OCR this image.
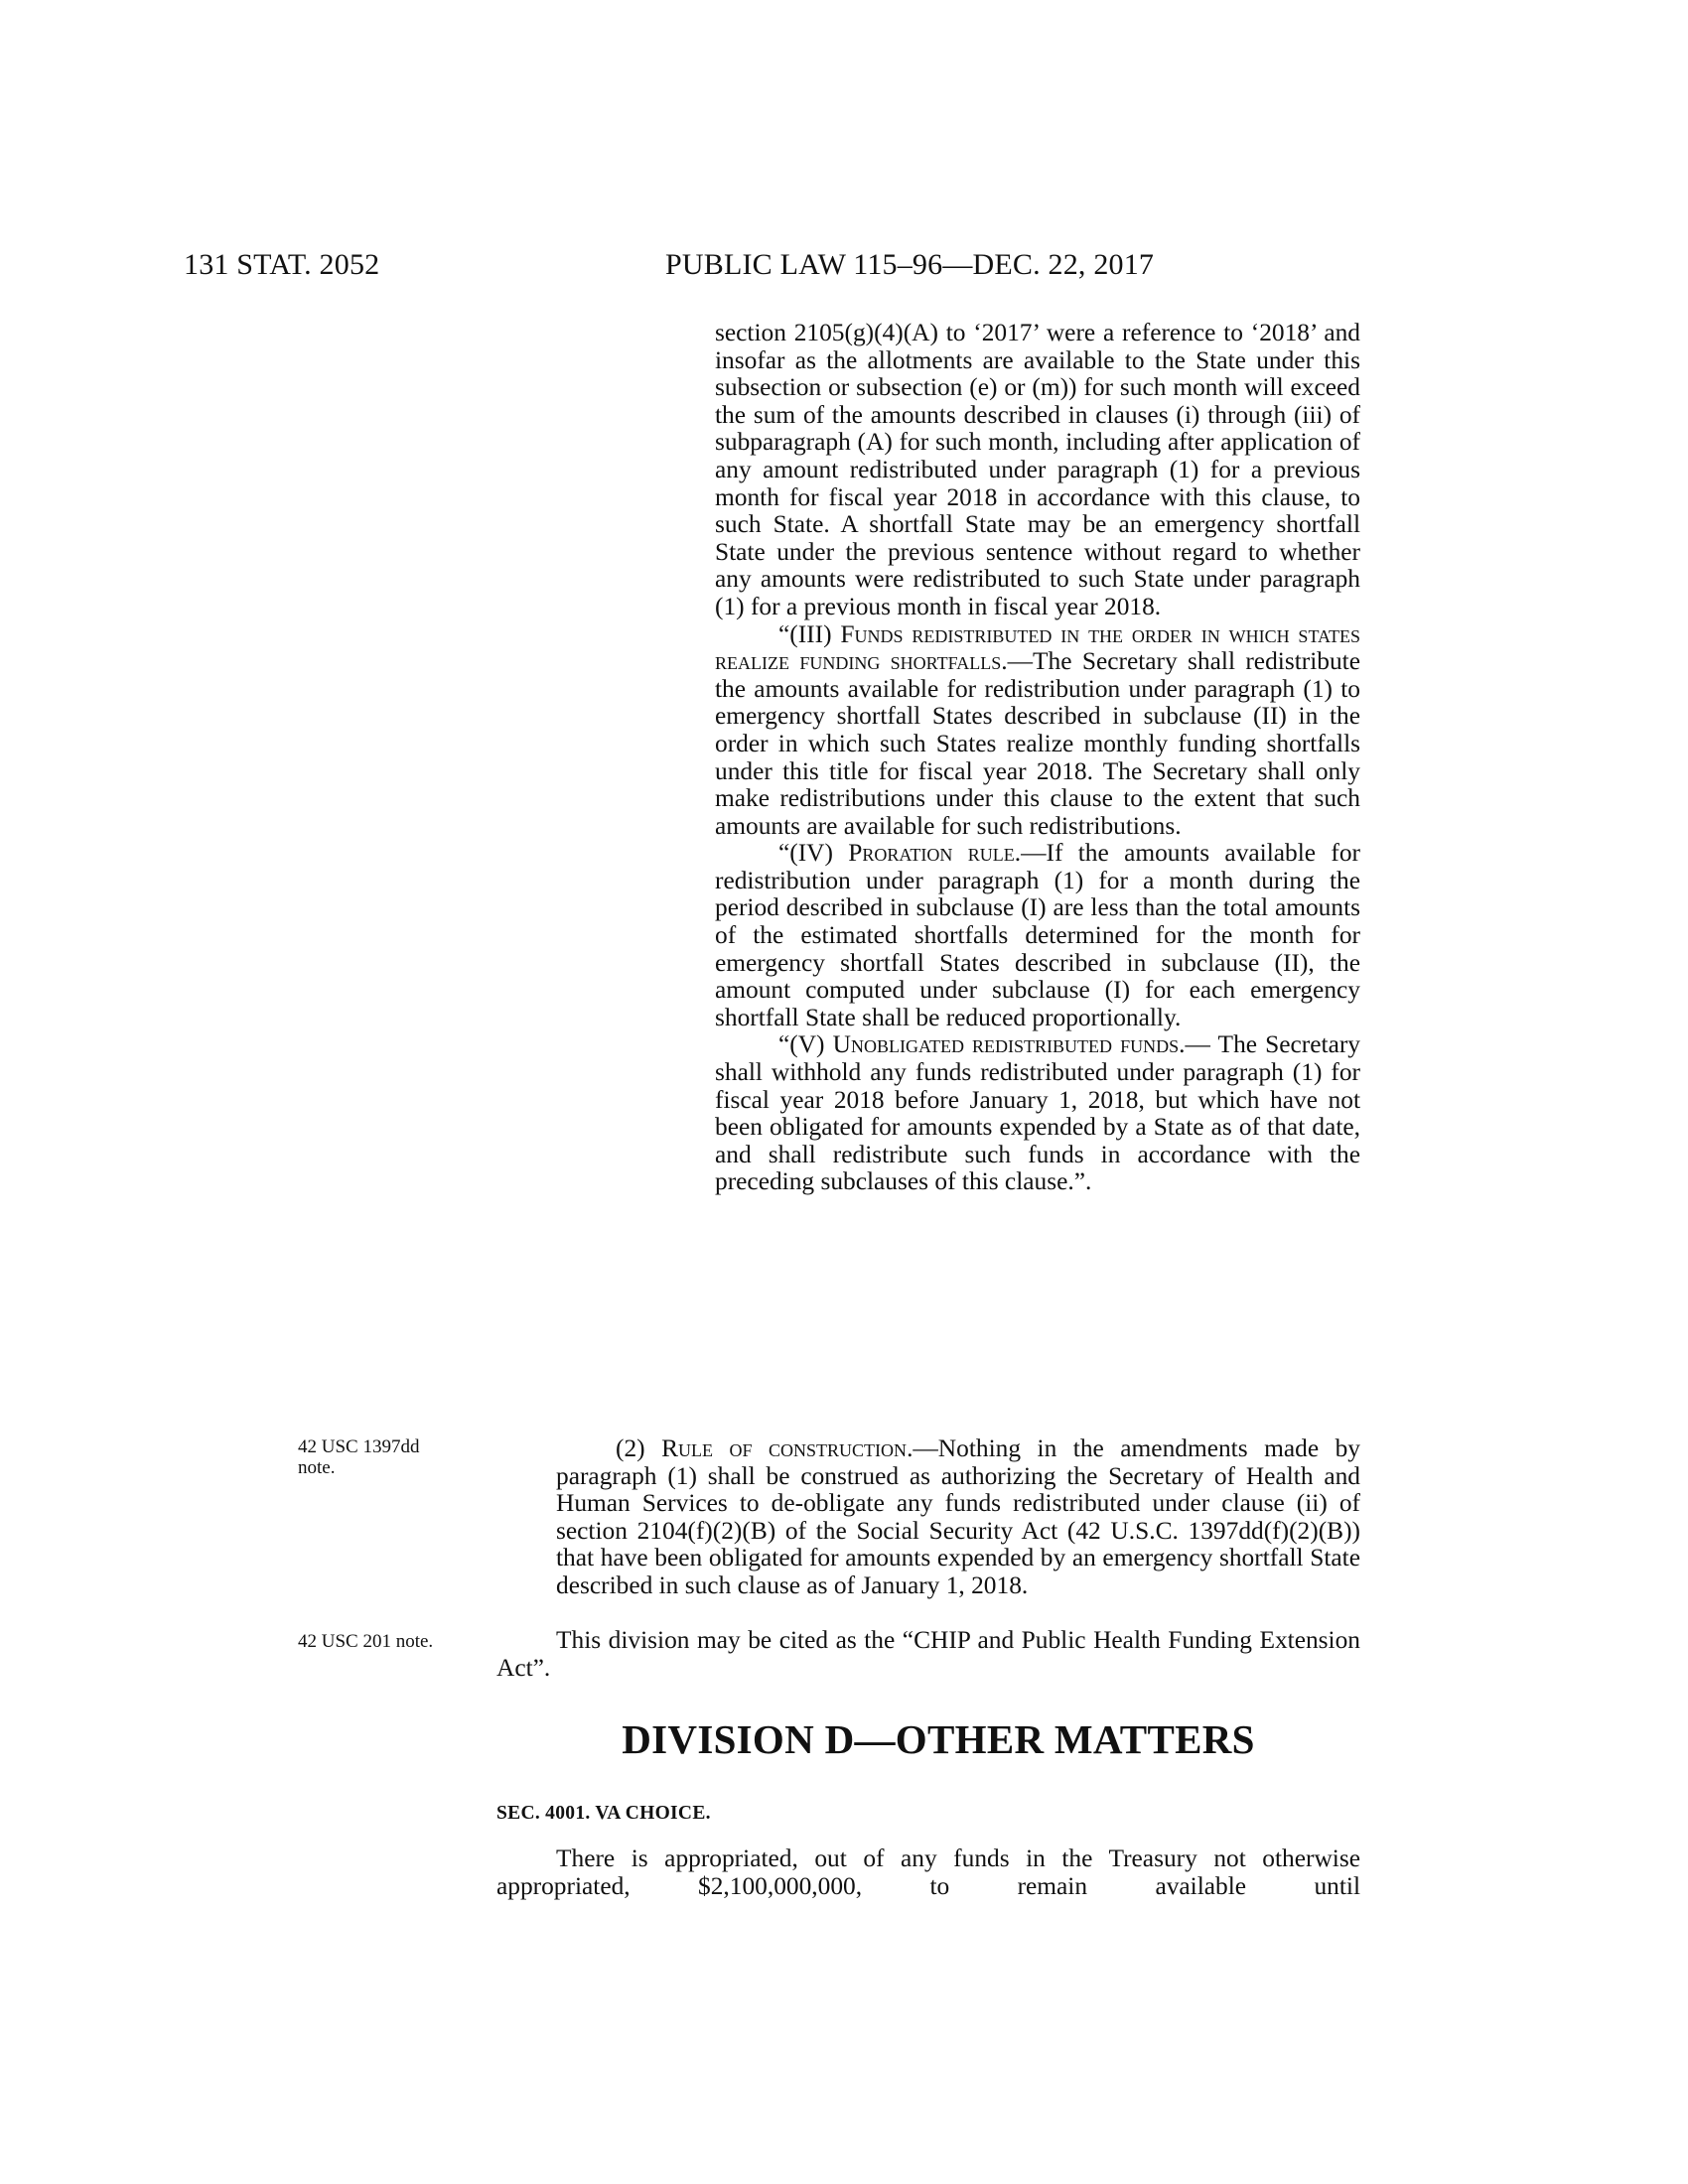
131 STAT. 2052	PUBLIC LAW 115–96—DEC. 22, 2017

section 2105(g)(4)(A) to ‘2017’ were a reference to ‘2018’ and insofar as the allotments are available to the State under this subsection or subsection (e) or (m)) for such month will exceed the sum of the amounts described in clauses (i) through (iii) of subparagraph (A) for such month, including after application of any amount redistributed under paragraph (1) for a previous month for fiscal year 2018 in accordance with this clause, to such State. A shortfall State may be an emergency shortfall State under the previous sentence without regard to whether any amounts were redistributed to such State under paragraph (1) for a previous month in fiscal year 2018.

“(III) Funds redistributed in the order in which states realize funding shortfalls.—The Secretary shall redistribute the amounts available for redistribution under paragraph (1) to emergency shortfall States described in subclause (II) in the order in which such States realize monthly funding shortfalls under this title for fiscal year 2018. The Secretary shall only make redistributions under this clause to the extent that such amounts are available for such redistributions.

“(IV) Proration rule.—If the amounts available for redistribution under paragraph (1) for a month during the period described in subclause (I) are less than the total amounts of the estimated shortfalls determined for the month for emergency shortfall States described in subclause (II), the amount computed under subclause (I) for each emergency shortfall State shall be reduced proportionally.

“(V) Unobligated redistributed funds.— The Secretary shall withhold any funds redistributed under paragraph (1) for fiscal year 2018 before January 1, 2018, but which have not been obligated for amounts expended by a State as of that date, and shall redistribute such funds in accordance with the preceding subclauses of this clause.”.

42 USC 1397dd
note.
42 USC 201 note.

(2) Rule of construction.—Nothing in the amendments made by paragraph (1) shall be construed as authorizing the Secretary of Health and Human Services to de-obligate any funds redistributed under clause (ii) of section 2104(f)(2)(B) of the Social Security Act (42 U.S.C. 1397dd(f)(2)(B)) that have been obligated for amounts expended by an emergency shortfall State described in such clause as of January 1, 2018.

This division may be cited as the “CHIP and Public Health Funding Extension Act”.

DIVISION D—OTHER MATTERS
SEC. 4001. VA CHOICE.

There is appropriated, out of any funds in the Treasury not otherwise appropriated, $2,100,000,000, to remain available until
